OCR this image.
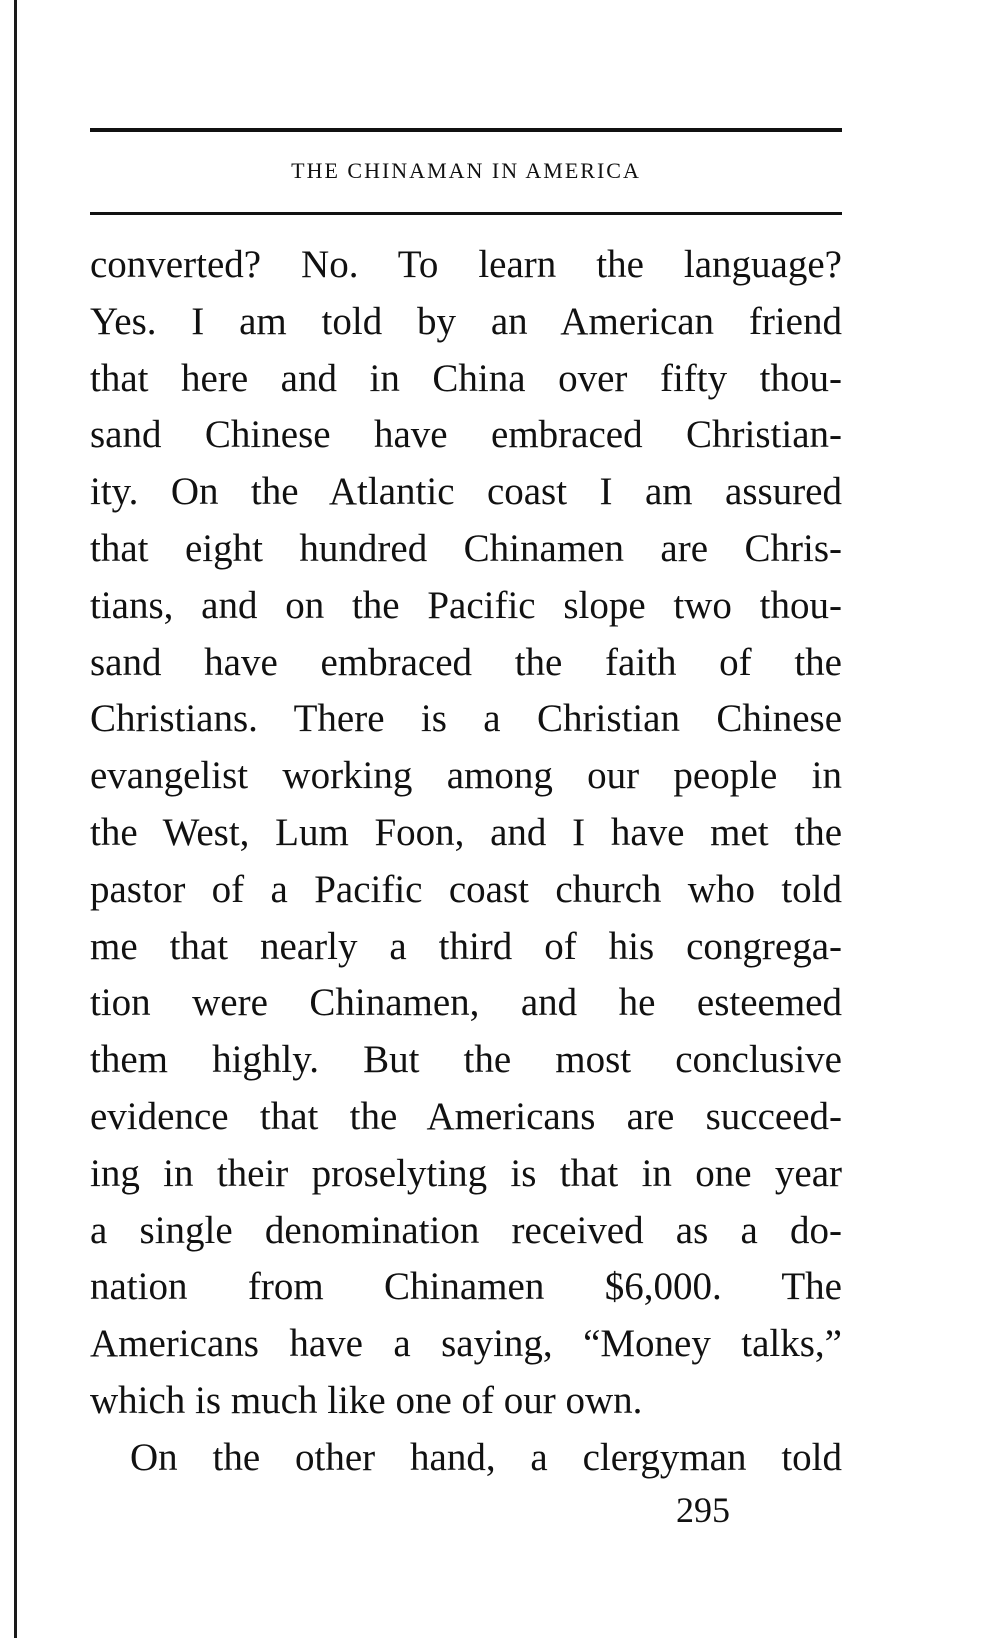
THE CHINAMAN IN AMERICA
converted? No. To learn the language?
Yes. I am told by an American friend
that here and in China over fifty thou-
sand Chinese have embraced Christian-
ity. On the Atlantic coast I am assured
that eight hundred Chinamen are Chris-
tians, and on the Pacific slope two thou-
sand have embraced the faith of the
Christians. There is a Christian Chinese
evangelist working among our people in
the West, Lum Foon, and I have met the
pastor of a Pacific coast church who told
me that nearly a third of his congrega-
tion were Chinamen, and he esteemed
them highly. But the most conclusive
evidence that the Americans are succeed-
ing in their proselyting is that in one year
a single denomination received as a do-
nation from Chinamen $6,000. The
Americans have a saying, “Money talks,”
which is much like one of our own.
On the other hand, a clergyman told
295
